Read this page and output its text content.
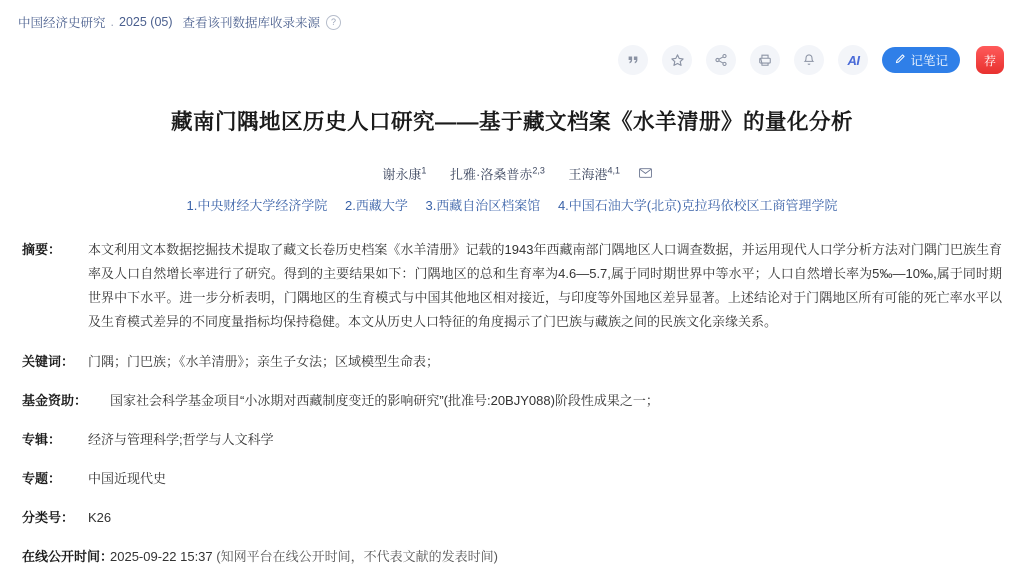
中国经济史研究 . 2025 (05) 查看该刊数据库收录来源	?
AI	记笔记	荐
藏南门隅地区历史人口研究——基于藏文档案《水羊清册》的量化分析
谢永康$^1$ 扎雅·洛桑普赤$^{2,3}$ 王海港$^{4,1}$
1.中央财经大学经济学院 2.西藏大学 3.西藏自治区档案馆 4.中国石油大学(北京)克拉玛依校区工商管理学院
摘要：	本文利用文本数据挖掘技术提取了藏文长卷历史档案《水羊清册》记载的1943年西藏南部门隅地区人口调查数据，并运用现代人口学分析方法对门隅门巴族生育率及人口自然增长率进行了研究。得到的主要结果如下：门隅地区的总和生育率为4.6—5.7,属于同时期世界中等水平；人口自然增长率为5‰—10‰,属于同时期世界中下水平。进一步分析表明，门隅地区的生育模式与中国其他地区相对接近，与印度等外国地区差异显著。上述结论对于门隅地区所有可能的死亡率水平以及生育模式差异的不同度量指标均保持稳健。本文从历史人口特征的角度揭示了门巴族与藏族之间的民族文化亲缘关系。
关键词：	门隅；门巴族；《水羊清册》；亲生子女法；区域模型生命表；
基金资助：	国家社会科学基金项目“小冰期对西藏制度变迁的影响研究”(批准号:20BJY088)阶段性成果之一；
专辑：	经济与管理科学;哲学与人文科学
专题：	中国近现代史
分类号：	K26
在线公开时间：
2025-09-22 15:37 (知网平台在线公开时间，不代表文献的发表时间)
